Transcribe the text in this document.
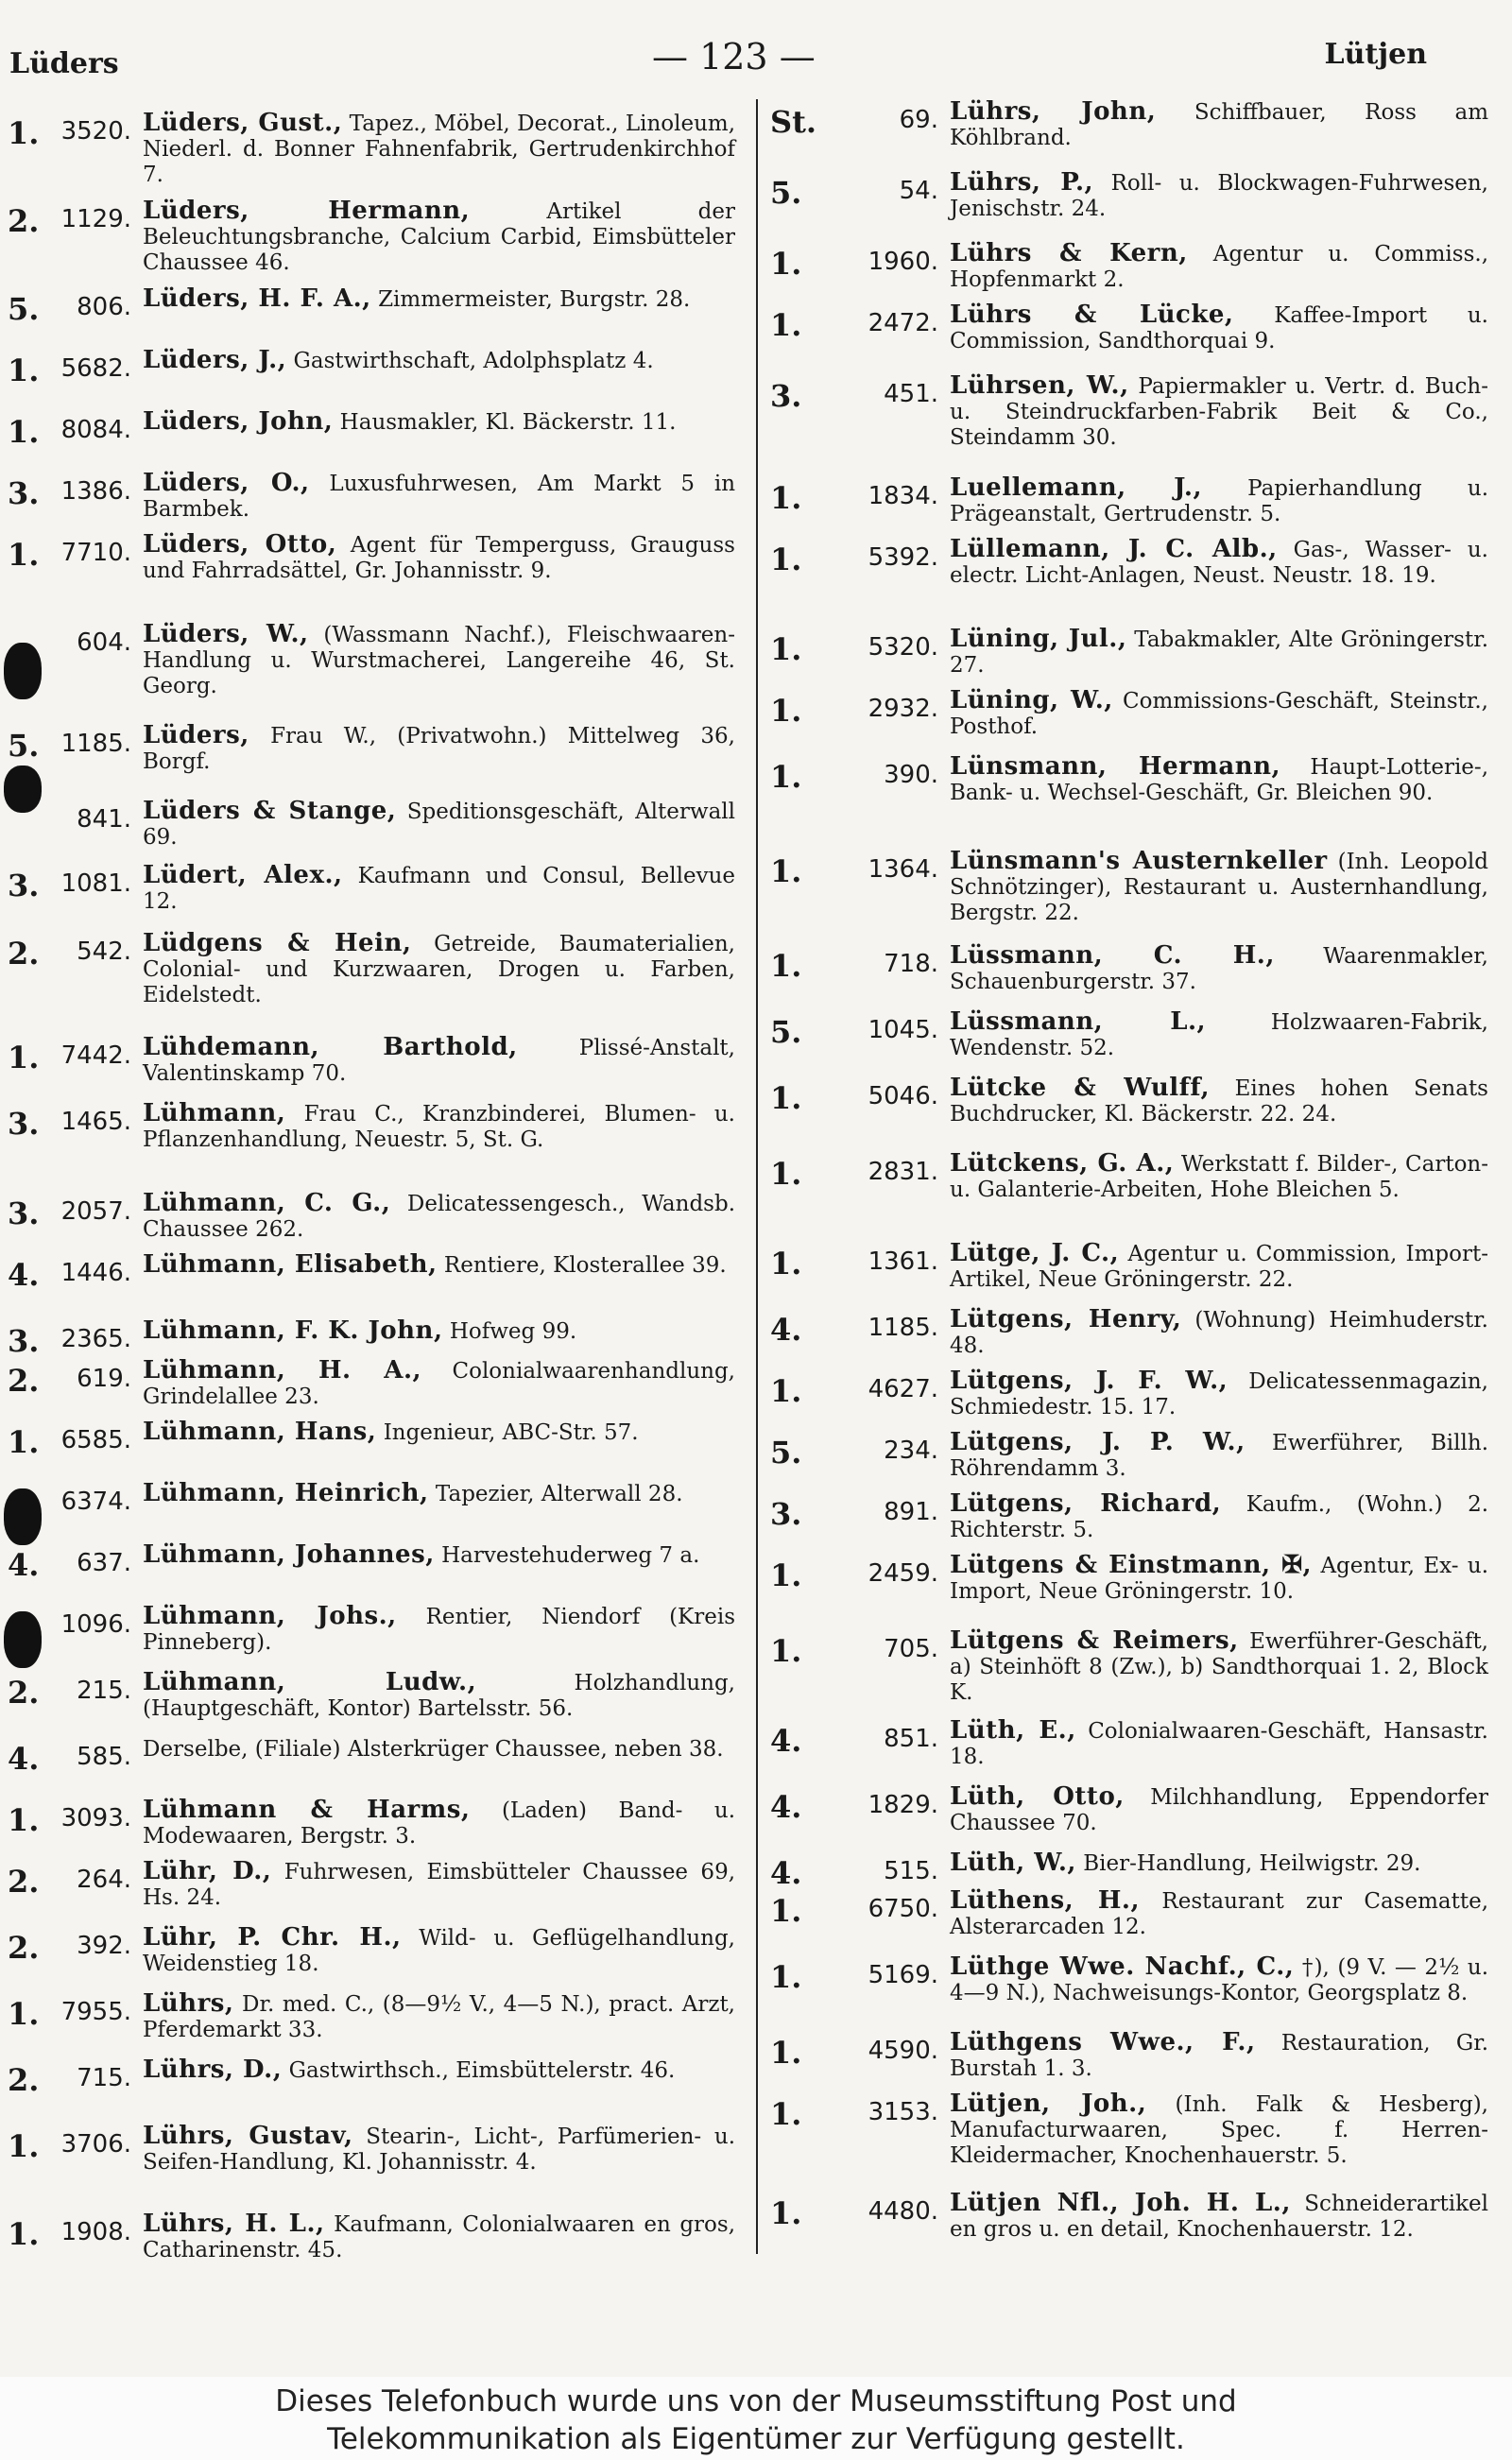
Lüders	— 123 —	Lütjen
1. 3520. Lüders, Gust., Tapez., Möbel, Decorat., Linoleum, Niederl. d. Bonner Fahnenfabrik, Gertrudenkirchhof 7.
2. 1129. Lüders, Hermann,	Artikel der Beleuchtungsbranche, Calcium Carbid, Eimsbütteler Chaussee 46.
5.	806. Lüders, H. F. A., Zimmermeister, Burgstr. 28.
1. 5682. Lüders, J., Gastwirthschaft, Adolphsplatz 4.
1. 8084. Lüders, John, Hausmakler, Kl. Bäckerstr. 11.
3. 1386. Lüders, O., Luxusfuhrwesen, Am Markt 5 in Barmbek.
1. 7710. Lüders, Otto, Agent für Temperguss, Grauguss und Fahrradsättel, Gr. Johannisstr. 9.
604. Lüders, W., (Wassmann Nachf.), Fleischwaaren-Handlung u. Wurstmacherei, Langereihe 46, St. Georg.
5. 1185. Lüders, Frau W., (Privatwohn.) Mittelweg 36, Borgf.
841. Lüders & Stange, Speditionsgeschäft, Alterwall 69.
3. 1081. Lüdert, Alex., Kaufmann und Consul, Bellevue 12.
2.	542. Lüdgens & Hein, Getreide, Baumaterialien, Colonial- und Kurzwaaren, Drogen u. Farben, Eidelstedt.
1. 7442. Lühdemann, Barthold,	Plissé-Anstalt, Valentinskamp 70.
3. 1465. Lühmann, Frau C., Kranzbinderei, Blumen- u. Pflanzenhandlung, Neuestr. 5, St. G.
3. 2057. Lühmann, C. G., Delicatessengesch., Wandsb. Chaussee 262.
4. 1446. Lühmann, Elisabeth, Rentiere, Klosterallee 39.
3. 2365. Lühmann, F. K. John, Hofweg 99.
2.	619. Lühmann, H. A., Colonialwaarenhandlung, Grindelallee 23.
1. 6585. Lühmann, Hans, Ingenieur, ABC-Str. 57.
6374. Lühmann, Heinrich, Tapezier, Alterwall 28.
4.	637. Lühmann, Johannes, Harvestehuderweg 7 a.
1096. Lühmann, Johs., Rentier, Niendorf (Kreis Pinneberg).
2.	215. Lühmann, Ludw.,	Holzhandlung, (Hauptgeschäft, Kontor) Bartelsstr. 56.
4.	585. Derselbe, (Filiale) Alsterkrüger Chaussee, neben 38.
1. 3093. Lühmann & Harms, (Laden) Band- u. Modewaaren, Bergstr. 3.
2.	264. Lühr, D., Fuhrwesen, Eimsbütteler Chaussee 69, Hs. 24.
2.	392. Lühr, P. Chr. H., Wild- u. Geflügelhandlung, Weidenstieg 18.
1. 7955. Lührs, Dr. med. C., (8—9½ V., 4—5 N.), pract. Arzt, Pferdemarkt 33.
2.	715. Lührs, D., Gastwirthsch., Eimsbüttelerstr. 46.
1. 3706. Lührs, Gustav, Stearin-, Licht-, Parfümerien- u. Seifen-Handlung, Kl. Johannisstr. 4.
1. 1908. Lührs, H. L., Kaufmann, Colonialwaaren en gros, Catharinenstr. 45.
St.	69. Lührs, John, Schiffbauer, Ross am Köhlbrand.
5.	54. Lührs, P., Roll- u. Blockwagen-Fuhrwesen, Jenischstr. 24.
1.	1960. Lührs & Kern, Agentur u. Commiss., Hopfenmarkt 2.
1.	2472. Lührs & Lücke, Kaffee-Import u. Commission, Sandthorquai 9.
3.	451. Lührsen, W., Papiermakler u. Vertr. d. Buch- u. Steindruckfarben-Fabrik Beit & Co., Steindamm 30.
1.	1834. Luellemann, J., Papierhandlung u. Prägeanstalt, Gertrudenstr. 5.
1.	5392. Lüllemann, J. C. Alb., Gas-, Wasser- u. electr. Licht-Anlagen, Neust. Neustr. 18. 19.
1.	5320. Lüning, Jul., Tabakmakler, Alte Gröningerstr. 27.
1.	2932. Lüning, W., Commissions-Geschäft, Steinstr., Posthof.
1.	390. Lünsmann, Hermann, Haupt-Lotterie-, Bank- u. Wechsel-Geschäft, Gr. Bleichen 90.
1.	1364. Lünsmann's Austernkeller (Inh. Leopold Schnötzinger), Restaurant u. Austernhandlung, Bergstr. 22.
1.	718. Lüssmann, C. H., Waarenmakler, Schauenburgerstr. 37.
5.	1045. Lüssmann, L.,	Holzwaaren-Fabrik, Wendenstr. 52.
1.	5046. Lütcke & Wulff, Eines hohen Senats Buchdrucker, Kl. Bäckerstr. 22. 24.
1.	2831. Lütckens, G. A., Werkstatt f. Bilder-, Carton- u. Galanterie-Arbeiten, Hohe Bleichen 5.
1.	1361. Lütge, J. C., Agentur u. Commission, Import-Artikel, Neue Gröningerstr. 22.
4.	1185. Lütgens, Henry, (Wohnung) Heimhuderstr. 48.
1.	4627. Lütgens, J. F. W., Delicatessenmagazin, Schmiedestr. 15. 17.
5.	234. Lütgens, J. P. W., Ewerführer, Billh. Röhrendamm 3.
3.	891. Lütgens, Richard, Kaufm., (Wohn.) 2. Richterstr. 5.
1.	2459. Lütgens & Einstmann, ✠, Agentur, Ex- u. Import, Neue Gröningerstr. 10.
1.	705. Lütgens & Reimers, Ewerführer-Geschäft, a) Steinhöft 8 (Zw.), b) Sandthorquai 1. 2, Block K.
4.	851. Lüth, E., Colonialwaaren-Geschäft, Hansastr. 18.
4.	1829. Lüth, Otto, Milchhandlung, Eppendorfer Chaussee 70.
4.	515. Lüth, W., Bier-Handlung, Heilwigstr. 29.
1.	6750. Lüthens, H., Restaurant zur Casematte, Alsterarcaden 12.
1.	5169. Lüthge Wwe. Nachf., C., †), (9 V. — 2½ u. 4—9 N.), Nachweisungs-Kontor, Georgsplatz 8.
1.	4590. Lüthgens Wwe., F., Restauration, Gr. Burstah 1. 3.
1.	3153. Lütjen, Joh., (Inh. Falk & Hesberg), Manufacturwaaren, Spec. f. Herren-Kleidermacher, Knochenhauerstr. 5.
1.	4480. Lütjen Nfl., Joh. H. L., Schneiderartikel en gros u. en detail, Knochenhauerstr. 12.
Dieses Telefonbuch wurde uns von der Museumsstiftung Post und
Telekommunikation als Eigentümer zur Verfügung gestellt.
